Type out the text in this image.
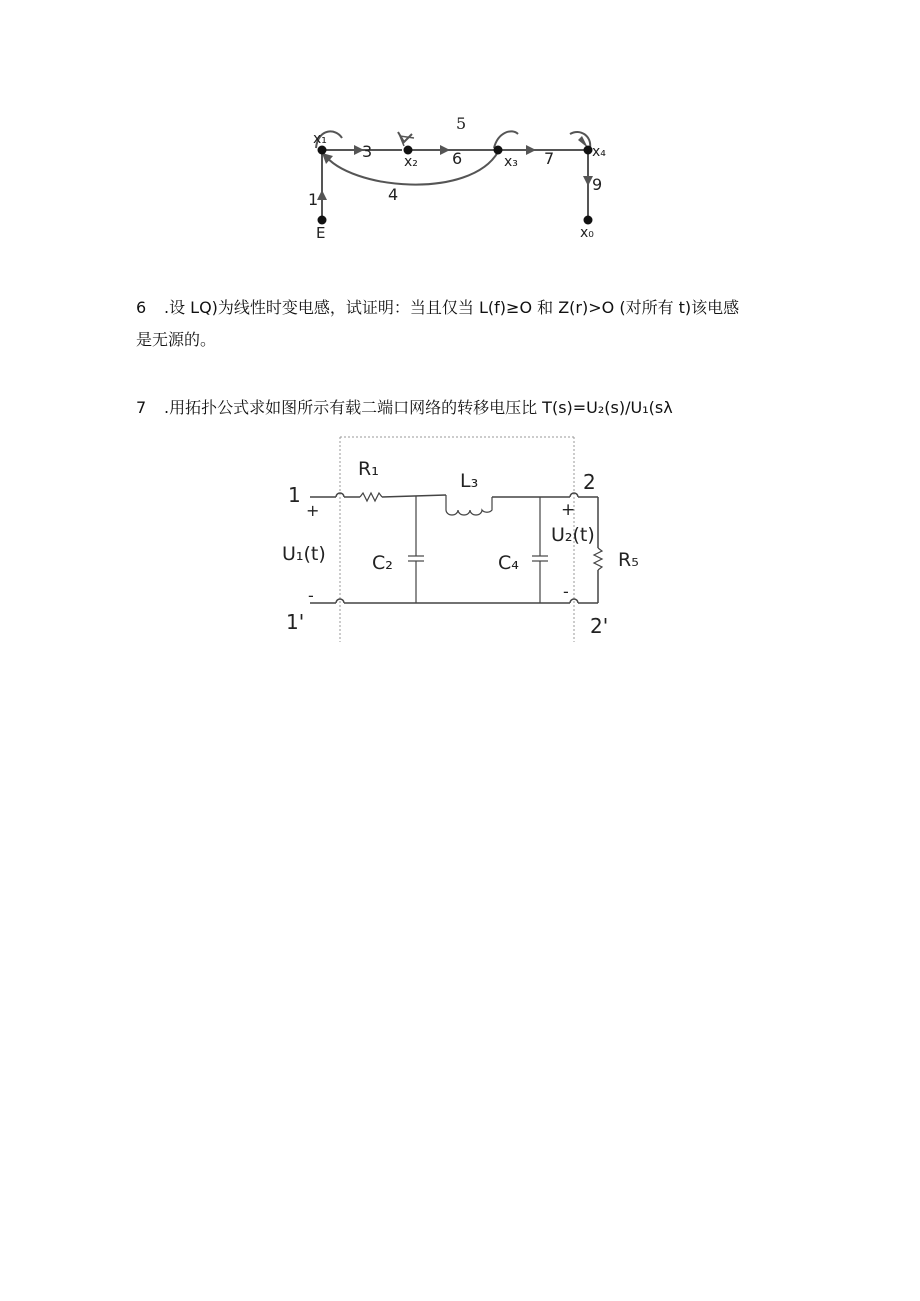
5
x₁
x₂	x₃
x₄
x₀
E
1
3
4
6	7
9
6 .设 LQ)为线性时变电感，试证明：当且仅当 L(f)≥O 和 Z(r)>O (对所有 t)该电感
是无源的。
7 .用拓扑公式求如图所示有载二端口网络的转移电压比 T(s)=U₂(s)/U₁(sλ
1
+
U₁(t)
-
1'
R₁
L₃
C₂	C₄
2
+
U₂(t)
-
R₅
2'
